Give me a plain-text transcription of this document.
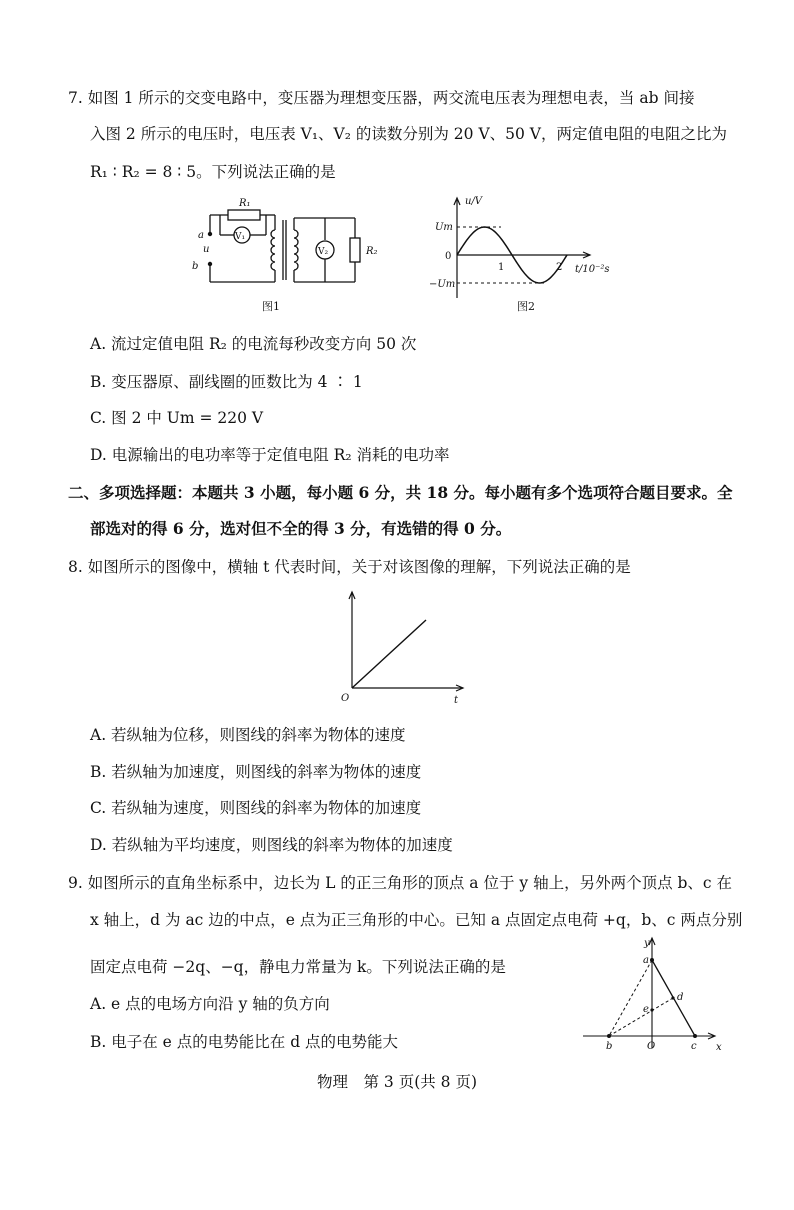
7. 如图 1 所示的交变电路中，变压器为理想变压器，两交流电压表为理想电表，当 ab 间接
入图 2 所示的电压时，电压表 V₁、V₂ 的读数分别为 20 V、50 V，两定值电阻的电阻之比为
R₁ ∶ R₂ = 8 ∶ 5。下列说法正确的是
a
u
b
R₁
V₁
V₂	R₂
图1
u/V
Um
0
−Um
1	2 t/10⁻²s
图2
A. 流过定值电阻 R₂ 的电流每秒改变方向 50 次
B. 变压器原、副线圈的匝数比为 4 ∶ 1
C. 图 2 中 Um = 220 V
D. 电源输出的电功率等于定值电阻 R₂ 消耗的电功率
二、多项选择题：本题共 3 小题，每小题 6 分，共 18 分。每小题有多个选项符合题目要求。全
部选对的得 6 分，选对但不全的得 3 分，有选错的得 0 分。
8. 如图所示的图像中，横轴 t 代表时间，关于对该图像的理解，下列说法正确的是
O	t
A. 若纵轴为位移，则图线的斜率为物体的速度
B. 若纵轴为加速度，则图线的斜率为物体的速度
C. 若纵轴为速度，则图线的斜率为物体的加速度
D. 若纵轴为平均速度，则图线的斜率为物体的加速度
9. 如图所示的直角坐标系中，边长为 L 的正三角形的顶点 a 位于 y 轴上，另外两个顶点 b、c 在
x 轴上，d 为 ac 边的中点，e 点为正三角形的中心。已知 a 点固定点电荷 +q，b、c 两点分别
固定点电荷 −2q、−q，静电力常量为 k。下列说法正确的是
y
a
d
e
b	O	c x
A. e 点的电场方向沿 y 轴的负方向
B. 电子在 e 点的电势能比在 d 点的电势能大
物理　第 3 页(共 8 页)
